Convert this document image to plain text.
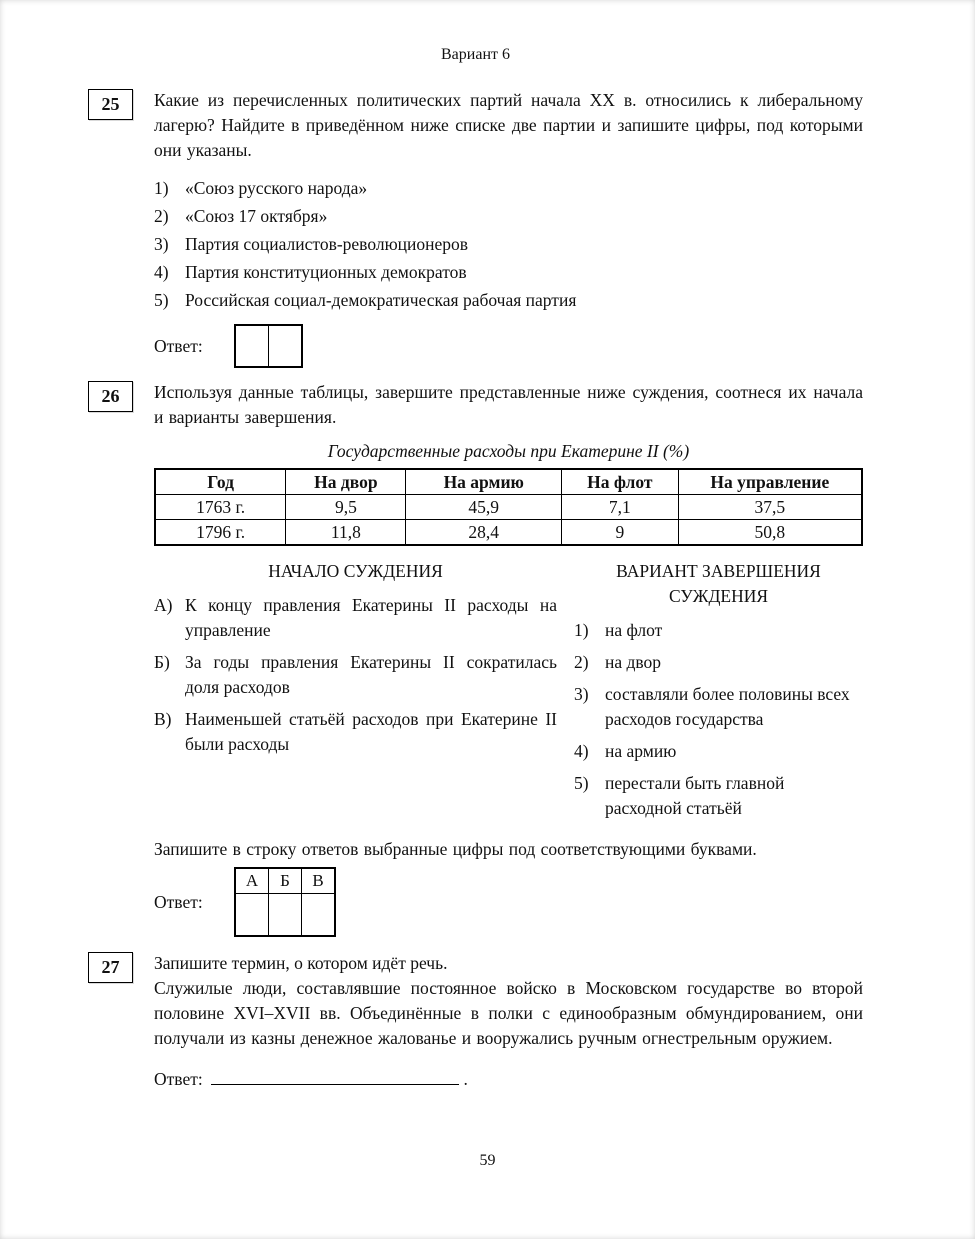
Вариант 6
25	Какие из перечисленных политических партий начала XX в. относились к либеральному лагерю? Найдите в приведённом ниже списке две партии и запишите цифры, под которыми они указаны.

1) «Союз русского народа»
2) «Союз 17 октября»
3) Партия социалистов-революционеров
4) Партия конституционных демократов
5) Российская социал-демократическая рабочая партия
Ответ:
26	Используя данные таблицы, завершите представленные ниже суждения, соотнеся их начала и варианты завершения.

Государственные расходы при Екатерине II (%)
Год	На двор	На армию	На флот	На управление
1763 г.	9,5	45,9	7,1	37,5
1796 г.	11,8	28,4	9	50,8
НАЧАЛО СУЖДЕНИЯ
А) К концу правления Екатерины II расходы на управление
Б) За годы правления Екатерины II сократилась доля расходов
В) Наименьшей статьёй расходов при Екатерине II были расходы
ВАРИАНТ ЗАВЕРШЕНИЯ СУЖДЕНИЯ
1) на флот
2) на двор
3) составляли более половины всех расходов государства
4) на армию
5) перестали быть главной расходной статьёй

Запишите в строку ответов выбранные цифры под соответствующими буквами.

Ответ:
А	Б	В

27	Запишите термин, о котором идёт речь.

Служилые люди, составлявшие постоянное войско в Московском государстве во второй половине XVI–XVII вв. Объединённые в полки с единообразным обмундированием, они получали из казны денежное жалованье и вооружались ручным огнестрельным оружием.

Ответ:	.
59
